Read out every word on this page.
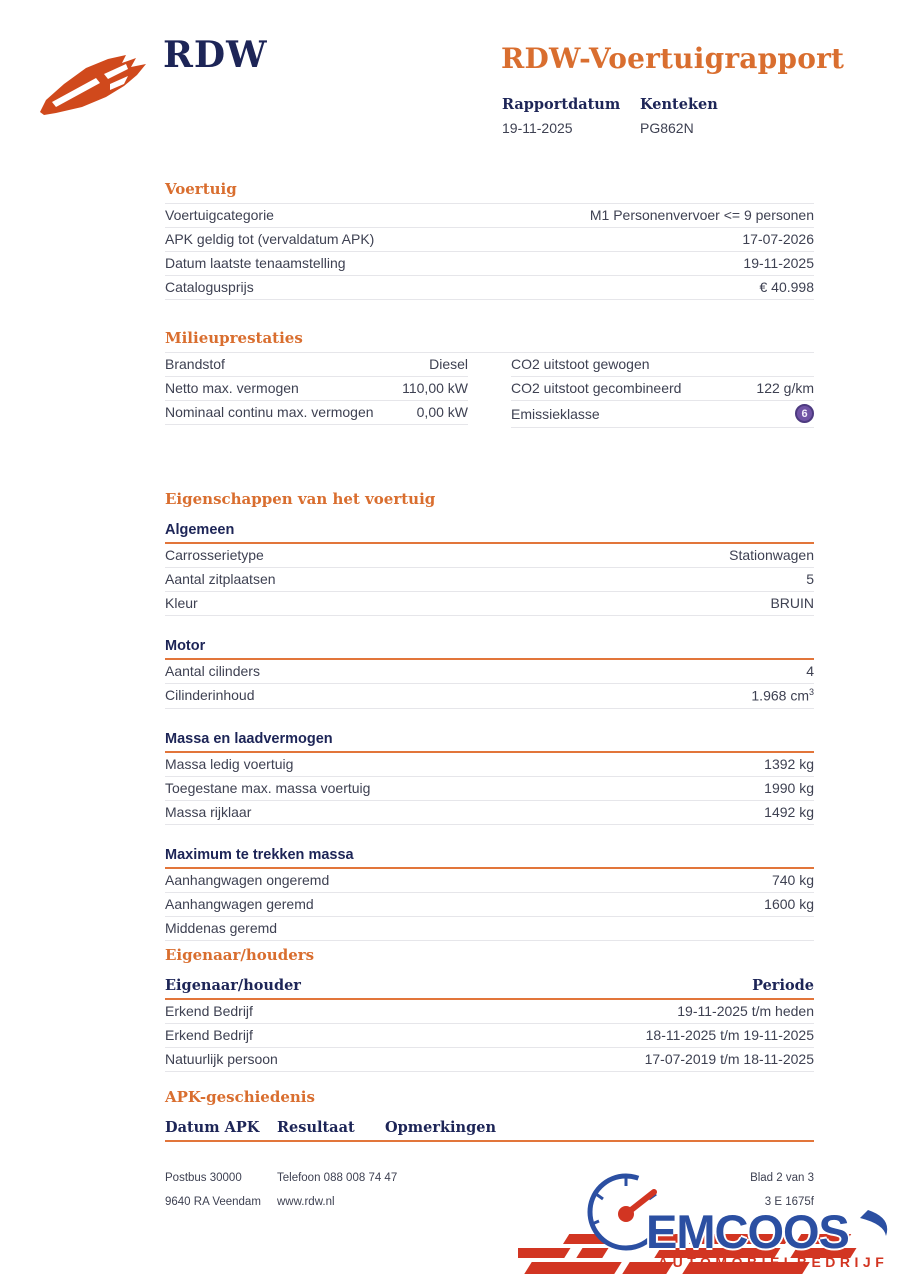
RDW	RDW-Voertuigrapport
Rapportdatum
19-11-2025
Kenteken
PG862N
Voertuig
Voertuigcategorie	M1 Personenvervoer <= 9 personen
APK geldig tot (vervaldatum APK)	17-07-2026
Datum laatste tenaamstelling	19-11-2025
Catalogusprijs	€ 40.998
Milieuprestaties
Brandstof	Diesel
Netto max. vermogen	110,00 kW
Nominaal continu max. vermogen	0,00 kW
CO2 uitstoot gewogen
CO2 uitstoot gecombineerd	122 g/km
Emissieklasse	6
Eigenschappen van het voertuig
Algemeen
Carrosserietype	Stationwagen
Aantal zitplaatsen	5
Kleur	BRUIN
Motor
Aantal cilinders	4
Cilinderinhoud	1.968 $cm^3$
Massa en laadvermogen
Massa ledig voertuig	1392 kg
Toegestane max. massa voertuig	1990 kg
Massa rijklaar	1492 kg
Maximum te trekken massa
Aanhangwagen ongeremd	740 kg
Aanhangwagen geremd	1600 kg
Middenas geremd
Eigenaar/houders
Eigenaar/houder	Periode
Erkend Bedrijf	19-11-2025 t/m heden
Erkend Bedrijf	18-11-2025 t/m 19-11-2025
Natuurlijk persoon	17-07-2019 t/m 18-11-2025
APK-geschiedenis
Datum APK	Resultaat	Opmerkingen
Postbus 30000	Telefoon 088 008 74 47	Blad 2 van 3
9640 RA Veendam	www.rdw.nl	3 E 1675f
EMCOOS
AUTOMOBIELBEDRIJF
